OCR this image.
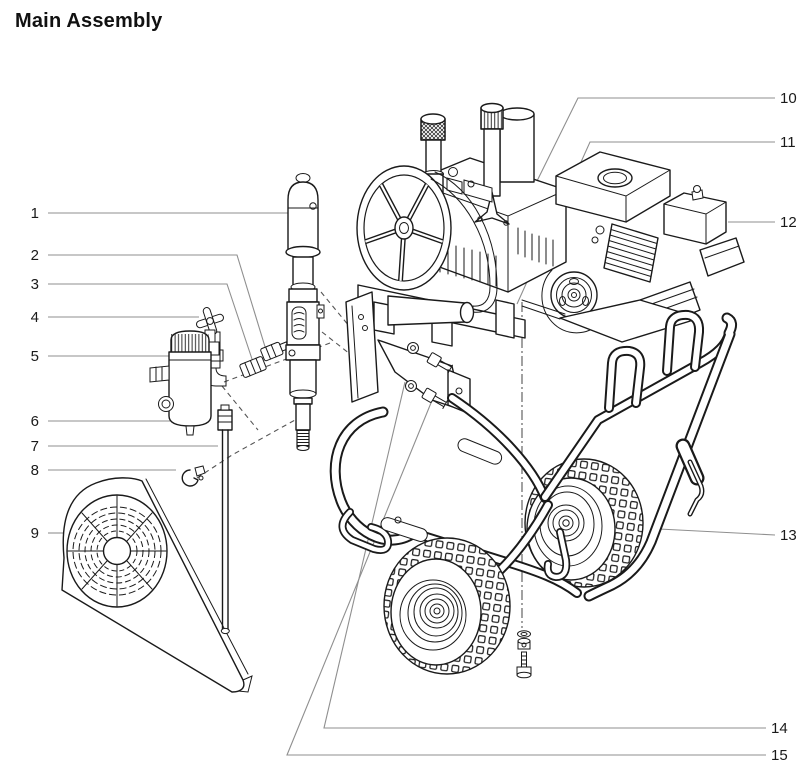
Main Assembly
1
2
3
4
5
6
7
8
9
10
11
12
13
14
15
